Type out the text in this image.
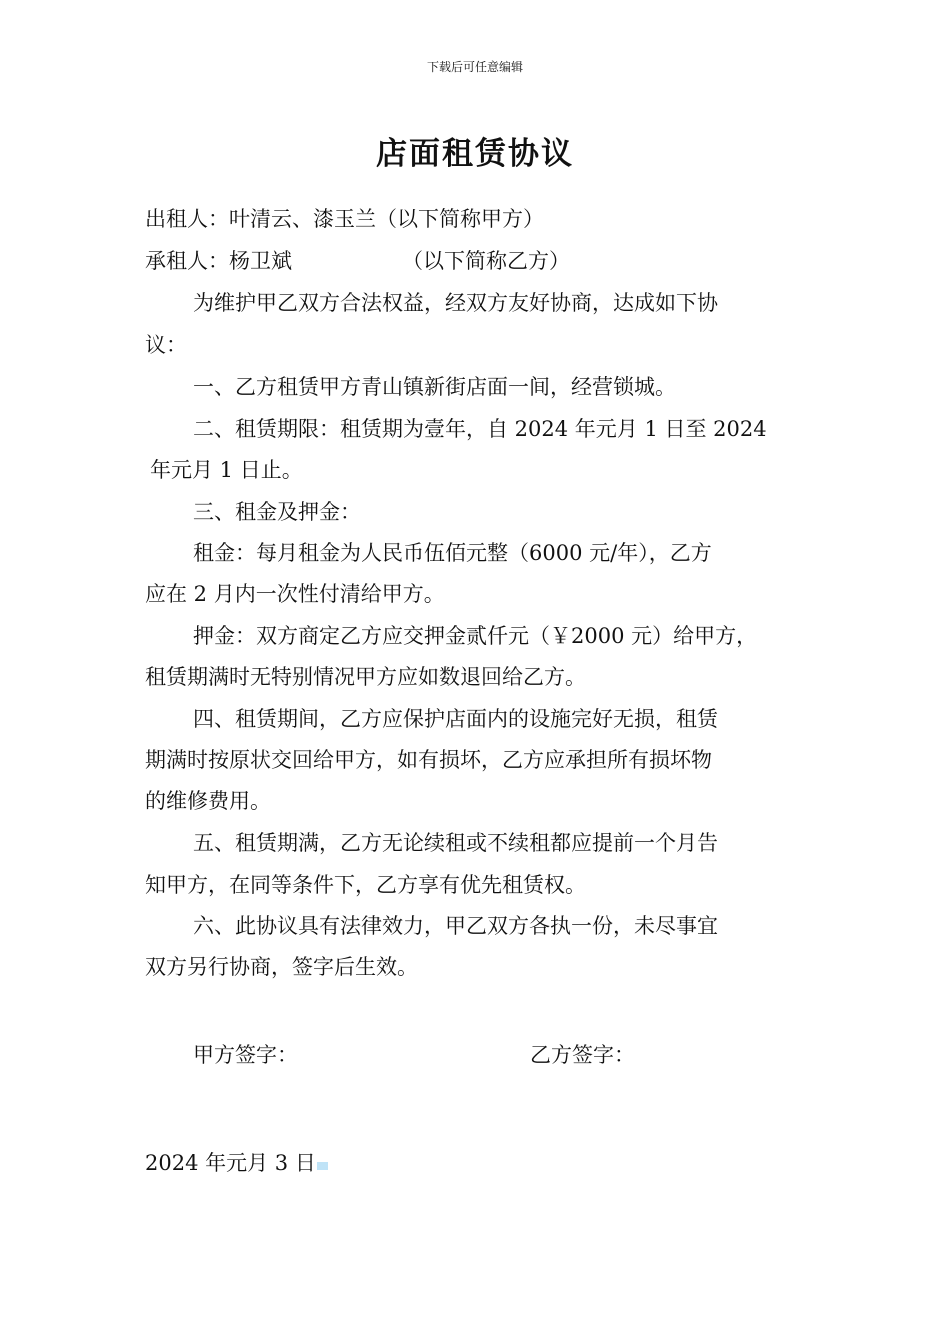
下载后可任意编辑
店面租赁协议
出租人：叶清云、漆玉兰（以下简称甲方）
承租人：杨卫斌	（以下简称乙方）
为维护甲乙双方合法权益，经双方友好协商，达成如下协
议：
一、乙方租赁甲方青山镇新街店面一间，经营锁城。
二、租赁期限：租赁期为壹年，自 2024 年元月 1 日至 2024
年元月 1 日止。
三、租金及押金：
租金：每月租金为人民币伍佰元整（6000 元/年），乙方
应在 2 月内一次性付清给甲方。
押金：双方商定乙方应交押金贰仟元（￥2000 元）给甲方，
租赁期满时无特别情况甲方应如数退回给乙方。
四、租赁期间，乙方应保护店面内的设施完好无损，租赁
期满时按原状交回给甲方，如有损坏，乙方应承担所有损坏物
的维修费用。
五、租赁期满，乙方无论续租或不续租都应提前一个月告
知甲方，在同等条件下，乙方享有优先租赁权。
六、此协议具有法律效力，甲乙双方各执一份，未尽事宜
双方另行协商，签字后生效。
甲方签字：	乙方签字：
2024 年元月 3 日
